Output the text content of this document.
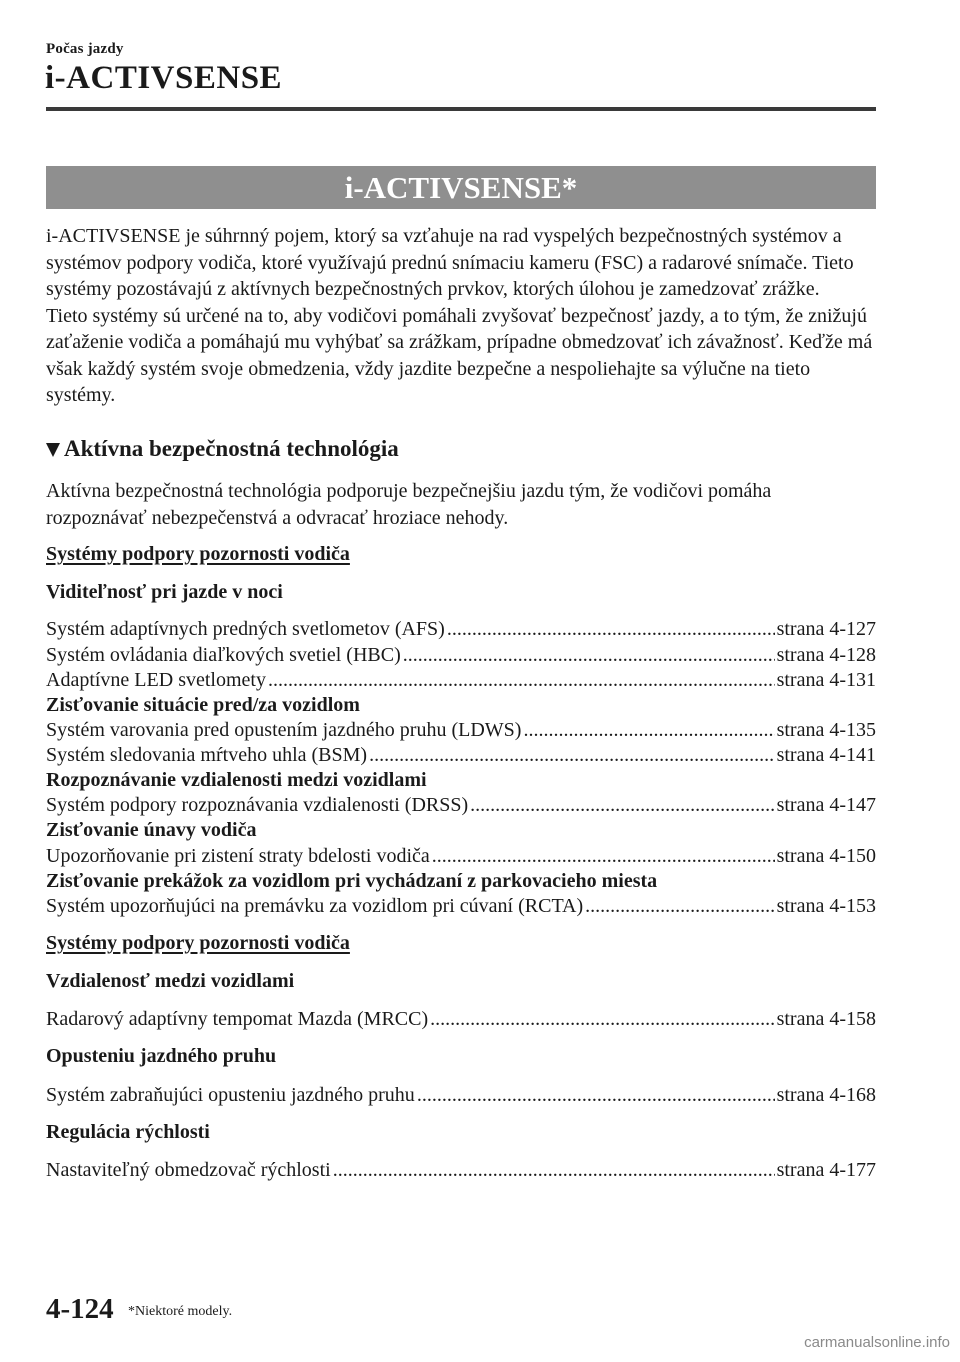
Počas jazdy
i-ACTIVSENSE
i-ACTIVSENSE*
i-ACTIVSENSE je súhrnný pojem, ktorý sa vzťahuje na rad vyspelých bezpečnostných systémov a systémov podpory vodiča, ktoré využívajú prednú snímaciu kameru (FSC) a radarové snímače. Tieto systémy pozostávajú z aktívnych bezpečnostných prvkov, ktorých úlohou je zamedzovať zrážke.
Tieto systémy sú určené na to, aby vodičovi pomáhali zvyšovať bezpečnosť jazdy, a to tým, že znižujú zaťaženie vodiča a pomáhajú mu vyhýbať sa zrážkam, prípadne obmedzovať ich závažnosť. Keďže má však každý systém svoje obmedzenia, vždy jazdite bezpečne a nespoliehajte sa výlučne na tieto systémy.
Aktívna bezpečnostná technológia
Aktívna bezpečnostná technológia podporuje bezpečnejšiu jazdu tým, že vodičovi pomáha rozpoznávať nebezpečenstvá a odvracať hroziace nehody.
Systémy podpory pozornosti vodiča
Viditeľnosť pri jazde v noci
Systém adaptívnych predných svetlometov (AFS) .....	strana 4-127
Systém ovládania diaľkových svetiel (HBC) .....	strana 4-128
Adaptívne LED svetlomety .....	strana 4-131
Zisťovanie situácie pred/za vozidlom
Systém varovania pred opustením jazdného pruhu (LDWS) .....	strana 4-135
Systém sledovania mŕtveho uhla (BSM) .....	strana 4-141
Rozpoznávanie vzdialenosti medzi vozidlami
Systém podpory rozpoznávania vzdialenosti (DRSS) .....	strana 4-147
Zisťovanie únavy vodiča
Upozorňovanie pri zistení straty bdelosti vodiča .....	strana 4-150
Zisťovanie prekážok za vozidlom pri vychádzaní z parkovacieho miesta
Systém upozorňujúci na premávku za vozidlom pri cúvaní (RCTA) .....	strana 4-153
Systémy podpory pozornosti vodiča
Vzdialenosť medzi vozidlami
Radarový adaptívny tempomat Mazda (MRCC) .....	strana 4-158
Opusteniu jazdného pruhu
Systém zabraňujúci opusteniu jazdného pruhu .....	strana 4-168
Regulácia rýchlosti
Nastaviteľný obmedzovač rýchlosti .....	strana 4-177
4-124 *Niektoré modely.
carmanualsonline.info
